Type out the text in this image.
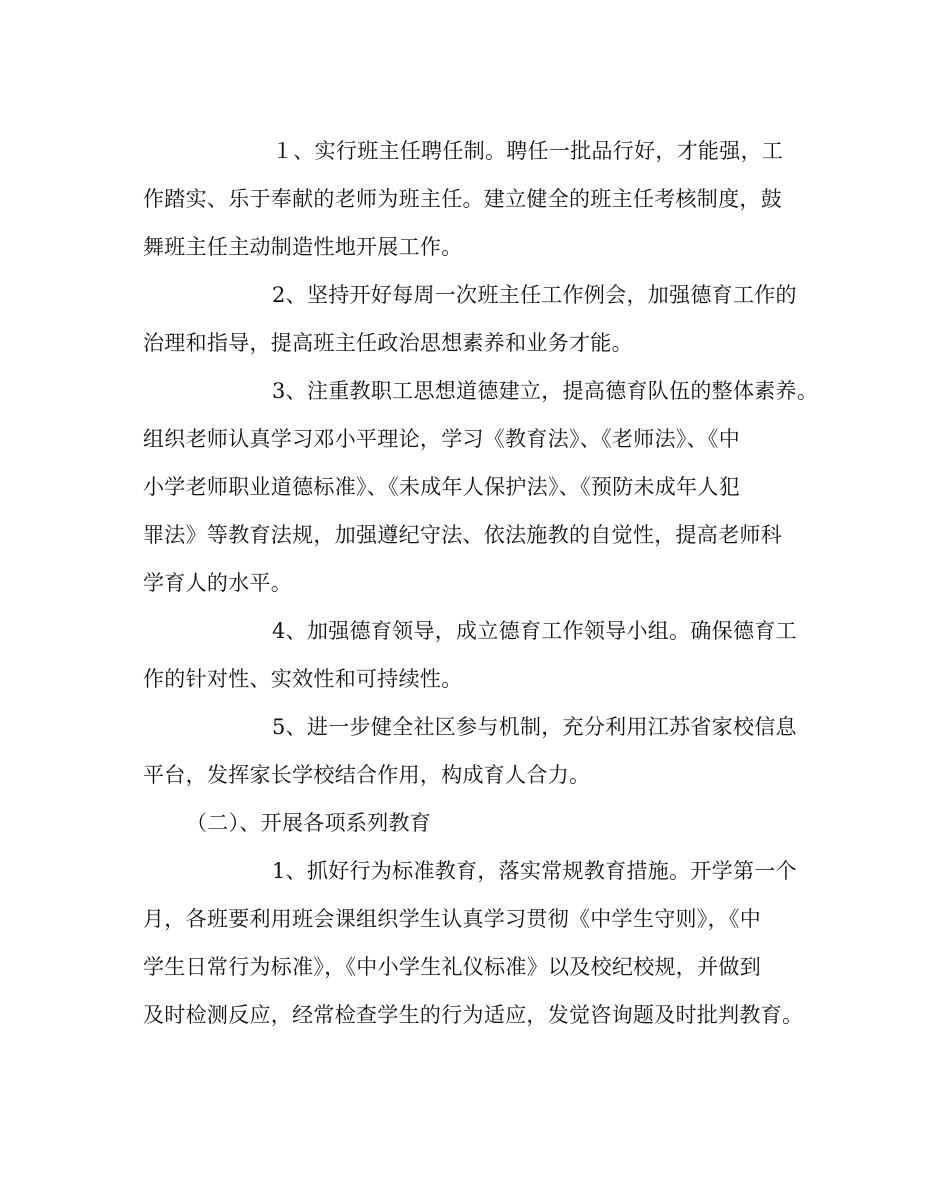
１、实行班主任聘任制。聘任一批品行好，才能强，工
作踏实、乐于奉献的老师为班主任。建立健全的班主任考核制度，鼓
舞班主任主动制造性地开展工作。
2、坚持开好每周一次班主任工作例会，加强德育工作的
治理和指导，提高班主任政治思想素养和业务才能。
3、注重教职工思想道德建立，提高德育队伍的整体素养。
组织老师认真学习邓小平理论，学习《教育法》、《老师法》、《中
小学老师职业道德标准》、《未成年人保护法》、《预防未成年人犯
罪法》等教育法规，加强遵纪守法、依法施教的自觉性，提高老师科
学育人的水平。
4、加强德育领导，成立德育工作领导小组。确保德育工
作的针对性、实效性和可持续性。
5、进一步健全社区参与机制，充分利用江苏省家校信息
平台，发挥家长学校结合作用，构成育人合力。
（二）、开展各项系列教育
1、抓好行为标准教育，落实常规教育措施。开学第一个
月，各班要利用班会课组织学生认真学习贯彻《中学生守则》，《中
学生日常行为标准》，《中小学生礼仪标准》以及校纪校规，并做到
及时检测反应，经常检查学生的行为适应，发觉咨询题及时批判教育。
